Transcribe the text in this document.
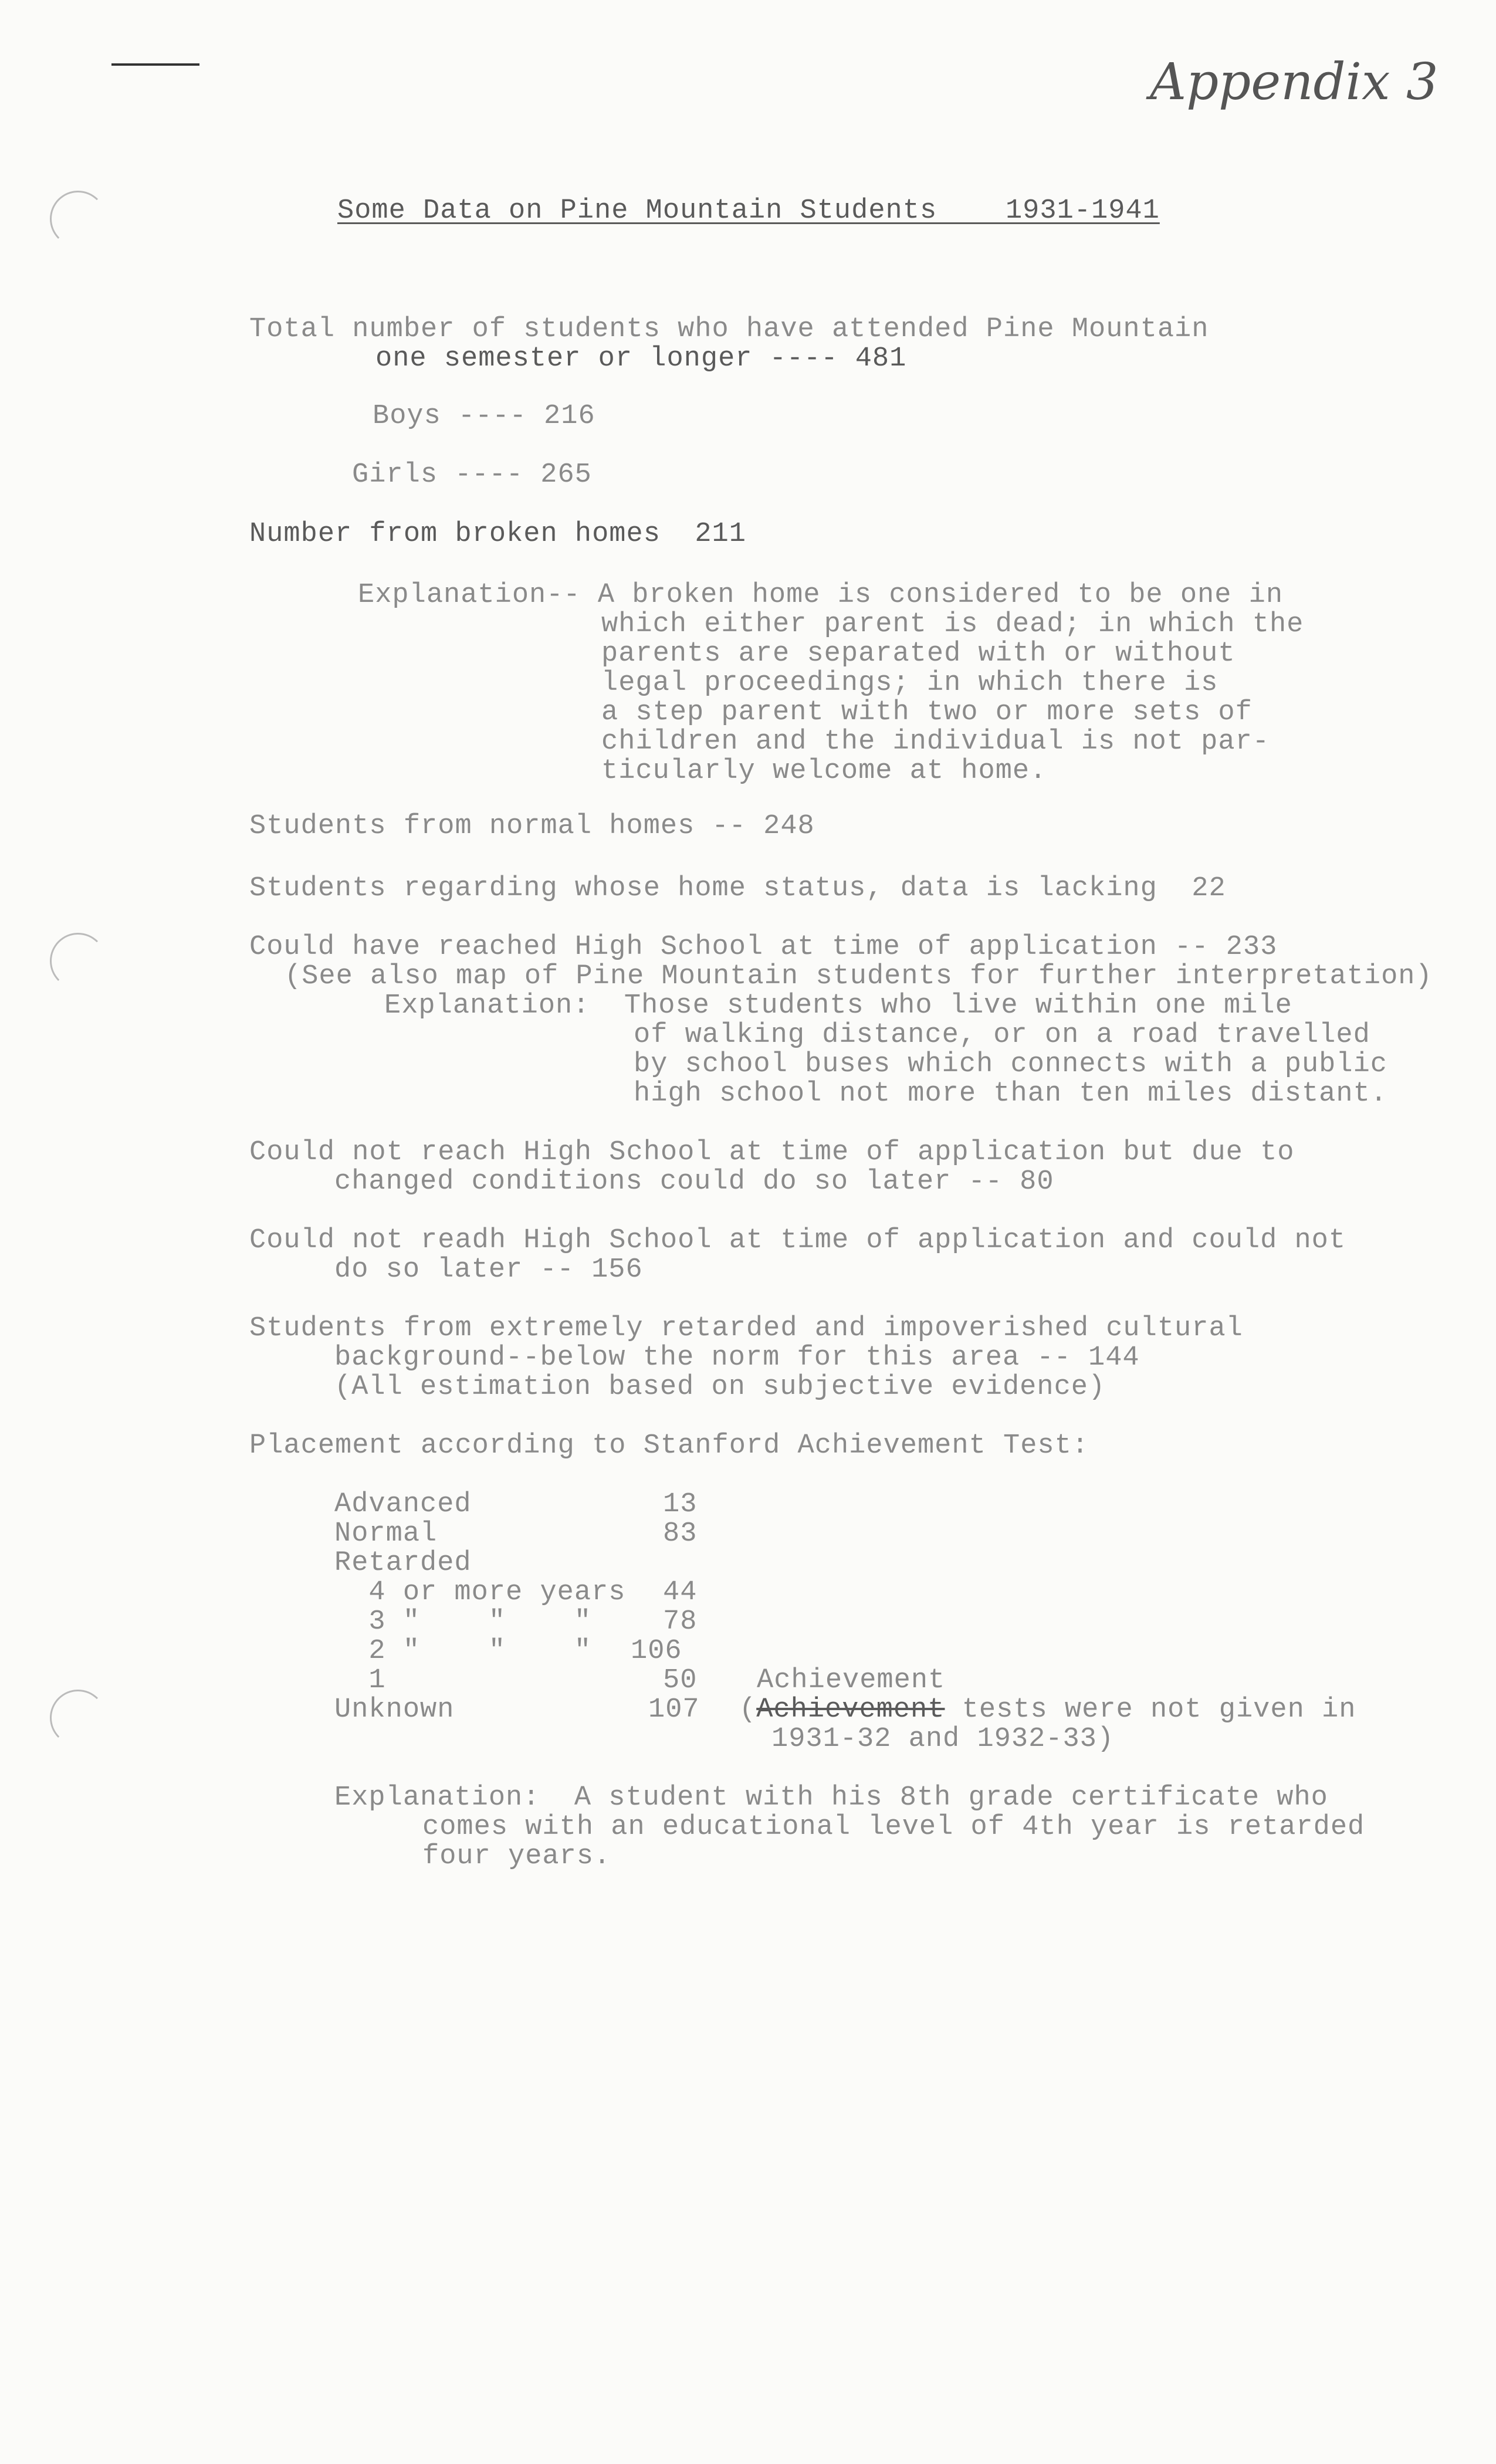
Appendix 3
Some Data on Pine Mountain Students    1931-1941
Total number of students who have attended Pine Mountain
one semester or longer ---- 481
Boys ---- 216
Girls ---- 265
Number from broken homes  211
Explanation-- A broken home is considered to be one in
which either parent is dead; in which the
parents are separated with or without
legal proceedings; in which there is
a step parent with two or more sets of
children and the individual is not par-
ticularly welcome at home.
Students from normal homes -- 248
Students regarding whose home status, data is lacking  22
Could have reached High School at time of application -- 233
(See also map of Pine Mountain students for further interpretation)
Explanation:  Those students who live within one mile
of walking distance, or on a road travelled
by school buses which connects with a public
high school not more than ten miles distant.
Could not reach High School at time of application but due to
changed conditions could do so later -- 80
Could not readh High School at time of application and could not
do so later -- 156
Students from extremely retarded and impoverished cultural
background--below the norm for this area -- 144
(All estimation based on subjective evidence)
Placement according to Stanford Achievement Test:
Advanced	13
Normal	83
Retarded
4 or more years 44
3 "    "    "	78
2 "    "    " 106
1	50
Unknown	107
Achievement
(Achievement tests were not given in
1931-32 and 1932-33)
Explanation:  A student with his 8th grade certificate who
comes with an educational level of 4th year is retarded
four years.
